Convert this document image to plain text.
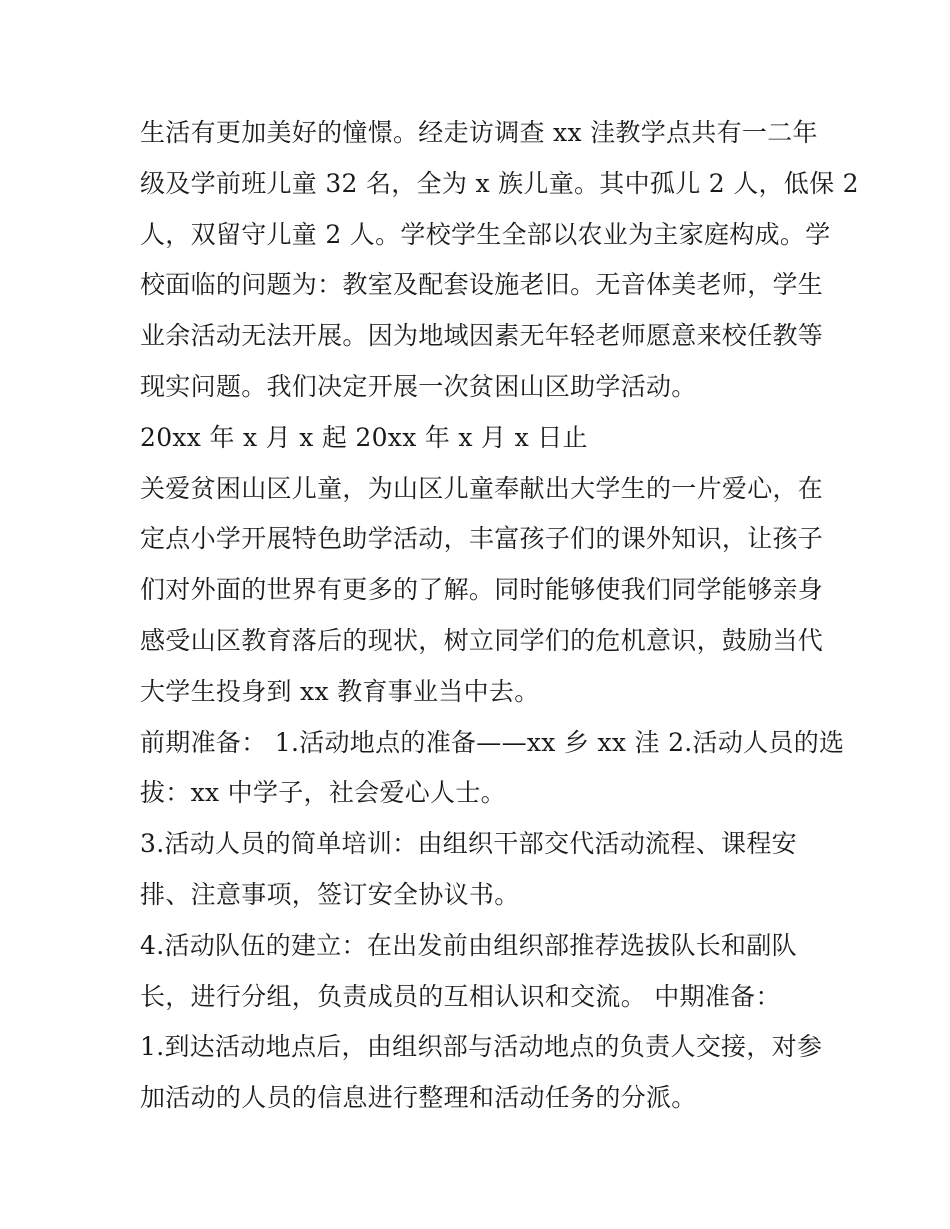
生活有更加美好的憧憬。经走访调查 xx 洼教学点共有一二年
级及学前班儿童 32 名，全为 x 族儿童。其中孤儿 2 人，低保 2
人，双留守儿童 2 人。学校学生全部以农业为主家庭构成。学
校面临的问题为：教室及配套设施老旧。无音体美老师，学生
业余活动无法开展。因为地域因素无年轻老师愿意来校任教等
现实问题。我们决定开展一次贫困山区助学活动。
20xx 年 x 月 x 起 20xx 年 x 月 x 日止
关爱贫困山区儿童，为山区儿童奉献出大学生的一片爱心，在
定点小学开展特色助学活动，丰富孩子们的课外知识，让孩子
们对外面的世界有更多的了解。同时能够使我们同学能够亲身
感受山区教育落后的现状，树立同学们的危机意识，鼓励当代
大学生投身到 xx 教育事业当中去。
前期准备： 1.活动地点的准备——xx 乡 xx 洼 2.活动人员的选
拔：xx 中学子，社会爱心人士。
3.活动人员的简单培训：由组织干部交代活动流程、课程安
排、注意事项，签订安全协议书。
4.活动队伍的建立：在出发前由组织部推荐选拔队长和副队
长，进行分组，负责成员的互相认识和交流。 中期准备：
1.到达活动地点后，由组织部与活动地点的负责人交接，对参
加活动的人员的信息进行整理和活动任务的分派。
